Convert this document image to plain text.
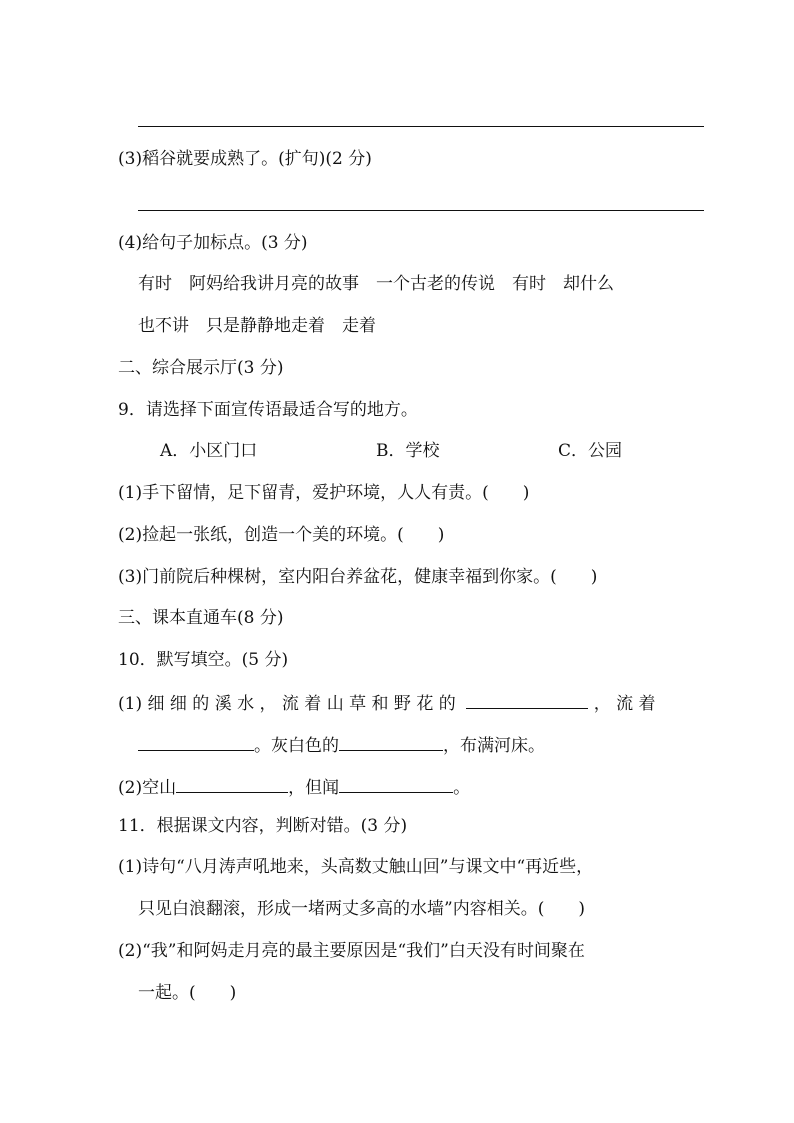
(3)稻谷就要成熟了。(扩句)(2 分)
(4)给句子加标点。(3 分)
有时　阿妈给我讲月亮的故事　一个古老的传说　有时　却什么
也不讲　只是静静地走着　走着
二、综合展示厅(3 分)
9．请选择下面宣传语最适合写的地方。
A．小区门口	B．学校	C．公园
(1)手下留情，足下留青，爱护环境，人人有责。(　　)
(2)捡起一张纸，创造一个美的环境。(　　)
(3)门前院后种棵树，室内阳台养盆花，健康幸福到你家。(　　)
三、课本直通车(8 分)
10．默写填空。(5 分)
(1) 细 细 的 溪 水 ， 流 着 山 草 和 野 花 的	， 流 着
。灰白色的	，布满河床。
(2)空山	，但闻	。
11．根据课文内容，判断对错。(3 分)
(1)诗句“八月涛声吼地来，头高数丈触山回”与课文中“再近些，
只见白浪翻滚，形成一堵两丈多高的水墙”内容相关。(　　)
(2)“我”和阿妈走月亮的最主要原因是“我们”白天没有时间聚在
一起。(　　)
